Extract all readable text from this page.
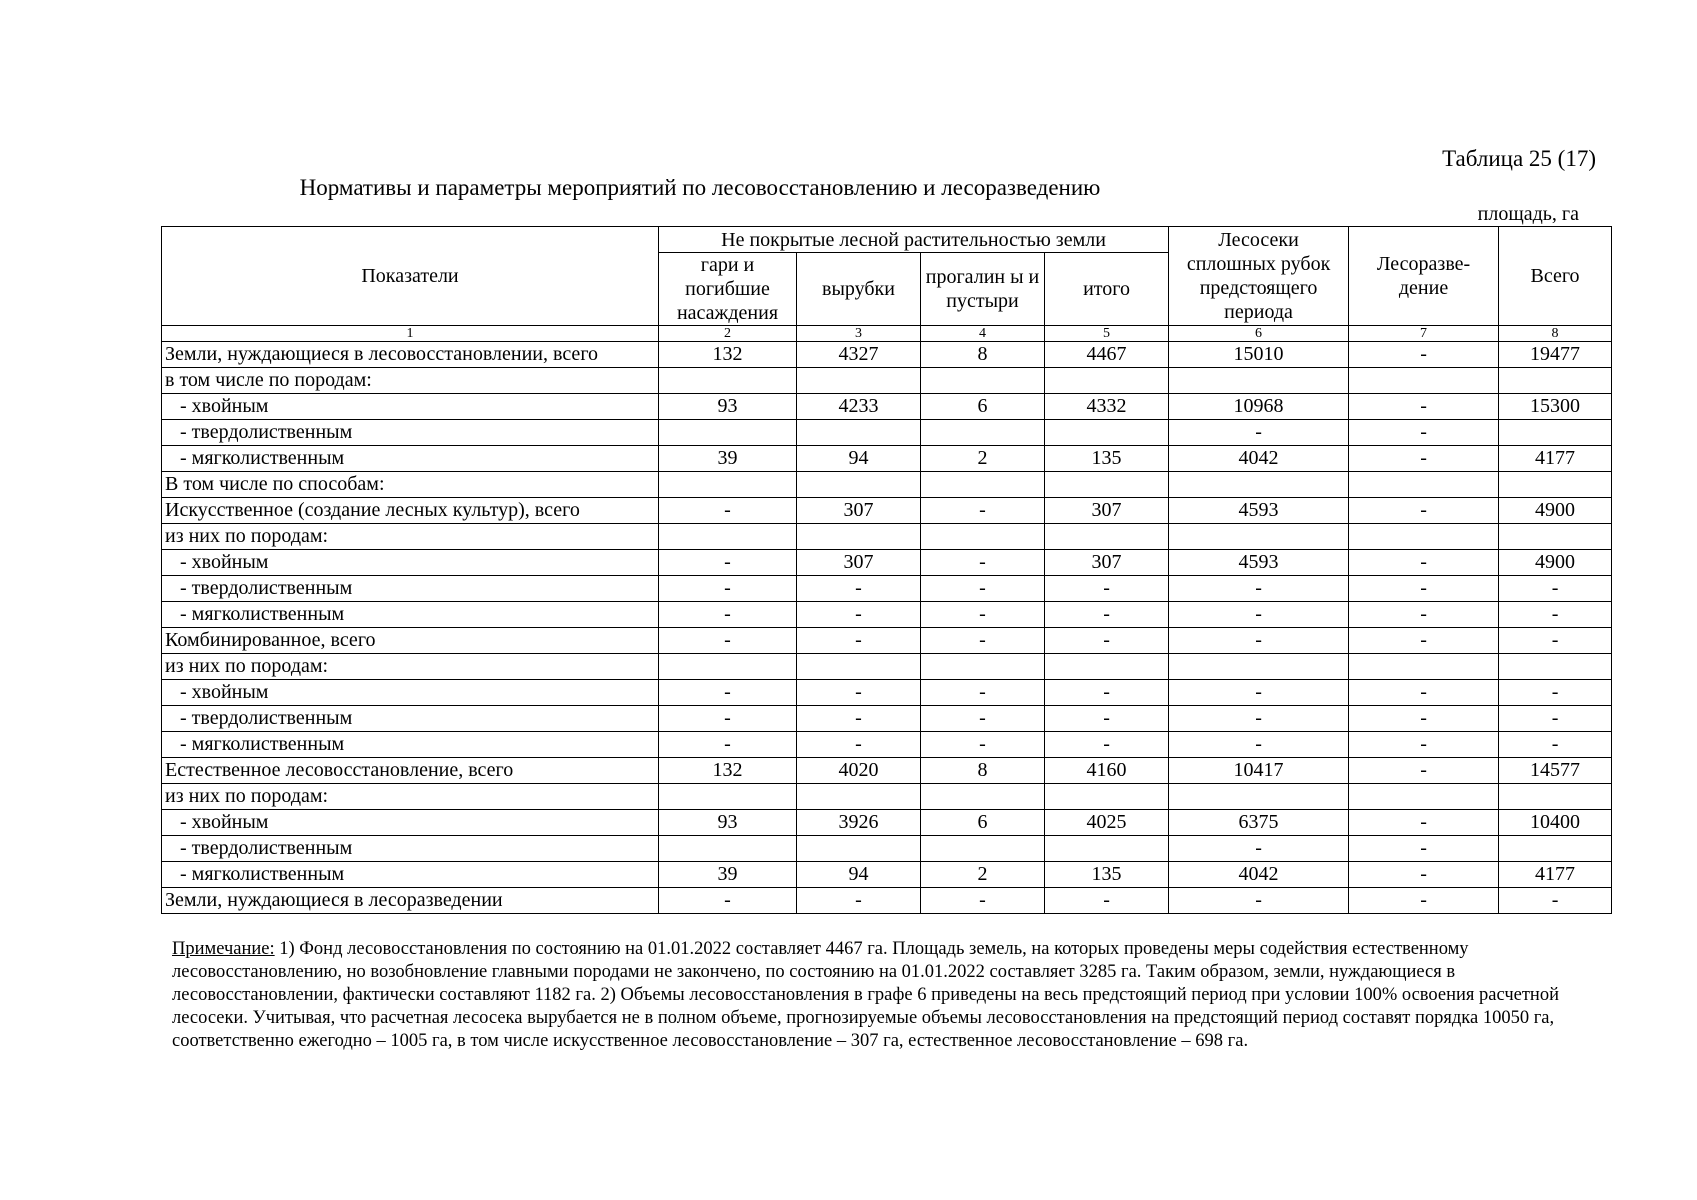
Таблица 25 (17)
Нормативы и параметры мероприятий по лесовосстановлению и лесоразведению
площадь, га
Показатели	Не покрытые лесной растительностью земли				Лесосеки сплошных рубок предстоящего периода	Лесоразве- дение	Всего
	гари и погибшие насаждения	вырубки	прогалин ы и пустыри	итого			
1	2	3	4	5	6	7	8
Земли, нуждающиеся в лесовосстановлении, всего	132	4327	8	4467	15010	-	19477
в том числе по породам:							
- хвойным	93	4233	6	4332	10968	-	15300
- твердолиственным					-	-	
- мягколиственным	39	94	2	135	4042	-	4177
В том числе по способам:							
Искусственное (создание лесных культур), всего	-	307	-	307	4593	-	4900
из них по породам:							
- хвойным	-	307	-	307	4593	-	4900
- твердолиственным	-	-	-	-	-	-	-
- мягколиственным	-	-	-	-	-	-	-
Комбинированное, всего	-	-	-	-	-	-	-
из них по породам:							
- хвойным	-	-	-	-	-	-	-
- твердолиственным	-	-	-	-	-	-	-
- мягколиственным	-	-	-	-	-	-	-
Естественное лесовосстановление, всего	132	4020	8	4160	10417	-	14577
из них по породам:							
- хвойным	93	3926	6	4025	6375	-	10400
- твердолиственным					-	-	
- мягколиственным	39	94	2	135	4042	-	4177
Земли, нуждающиеся в лесоразведении	-	-	-	-	-	-	-
Примечание: 1) Фонд лесовосстановления по состоянию на 01.01.2022 составляет 4467 га. Площадь земель, на которых проведены меры содействия естественному лесовосстановлению, но возобновление главными породами не закончено, по состоянию на 01.01.2022 составляет 3285 га. Таким образом, земли, нуждающиеся в лесовосстановлении, фактически составляют 1182 га. 2) Объемы лесовосстановления в графе 6 приведены на весь предстоящий период при условии 100% освоения расчетной лесосеки. Учитывая, что расчетная лесосека вырубается не в полном объеме, прогнозируемые объемы лесовосстановления на предстоящий период составят порядка 10050 га, соответственно ежегодно – 1005 га, в том числе искусственное лесовосстановление – 307 га, естественное лесовосстановление – 698 га.
